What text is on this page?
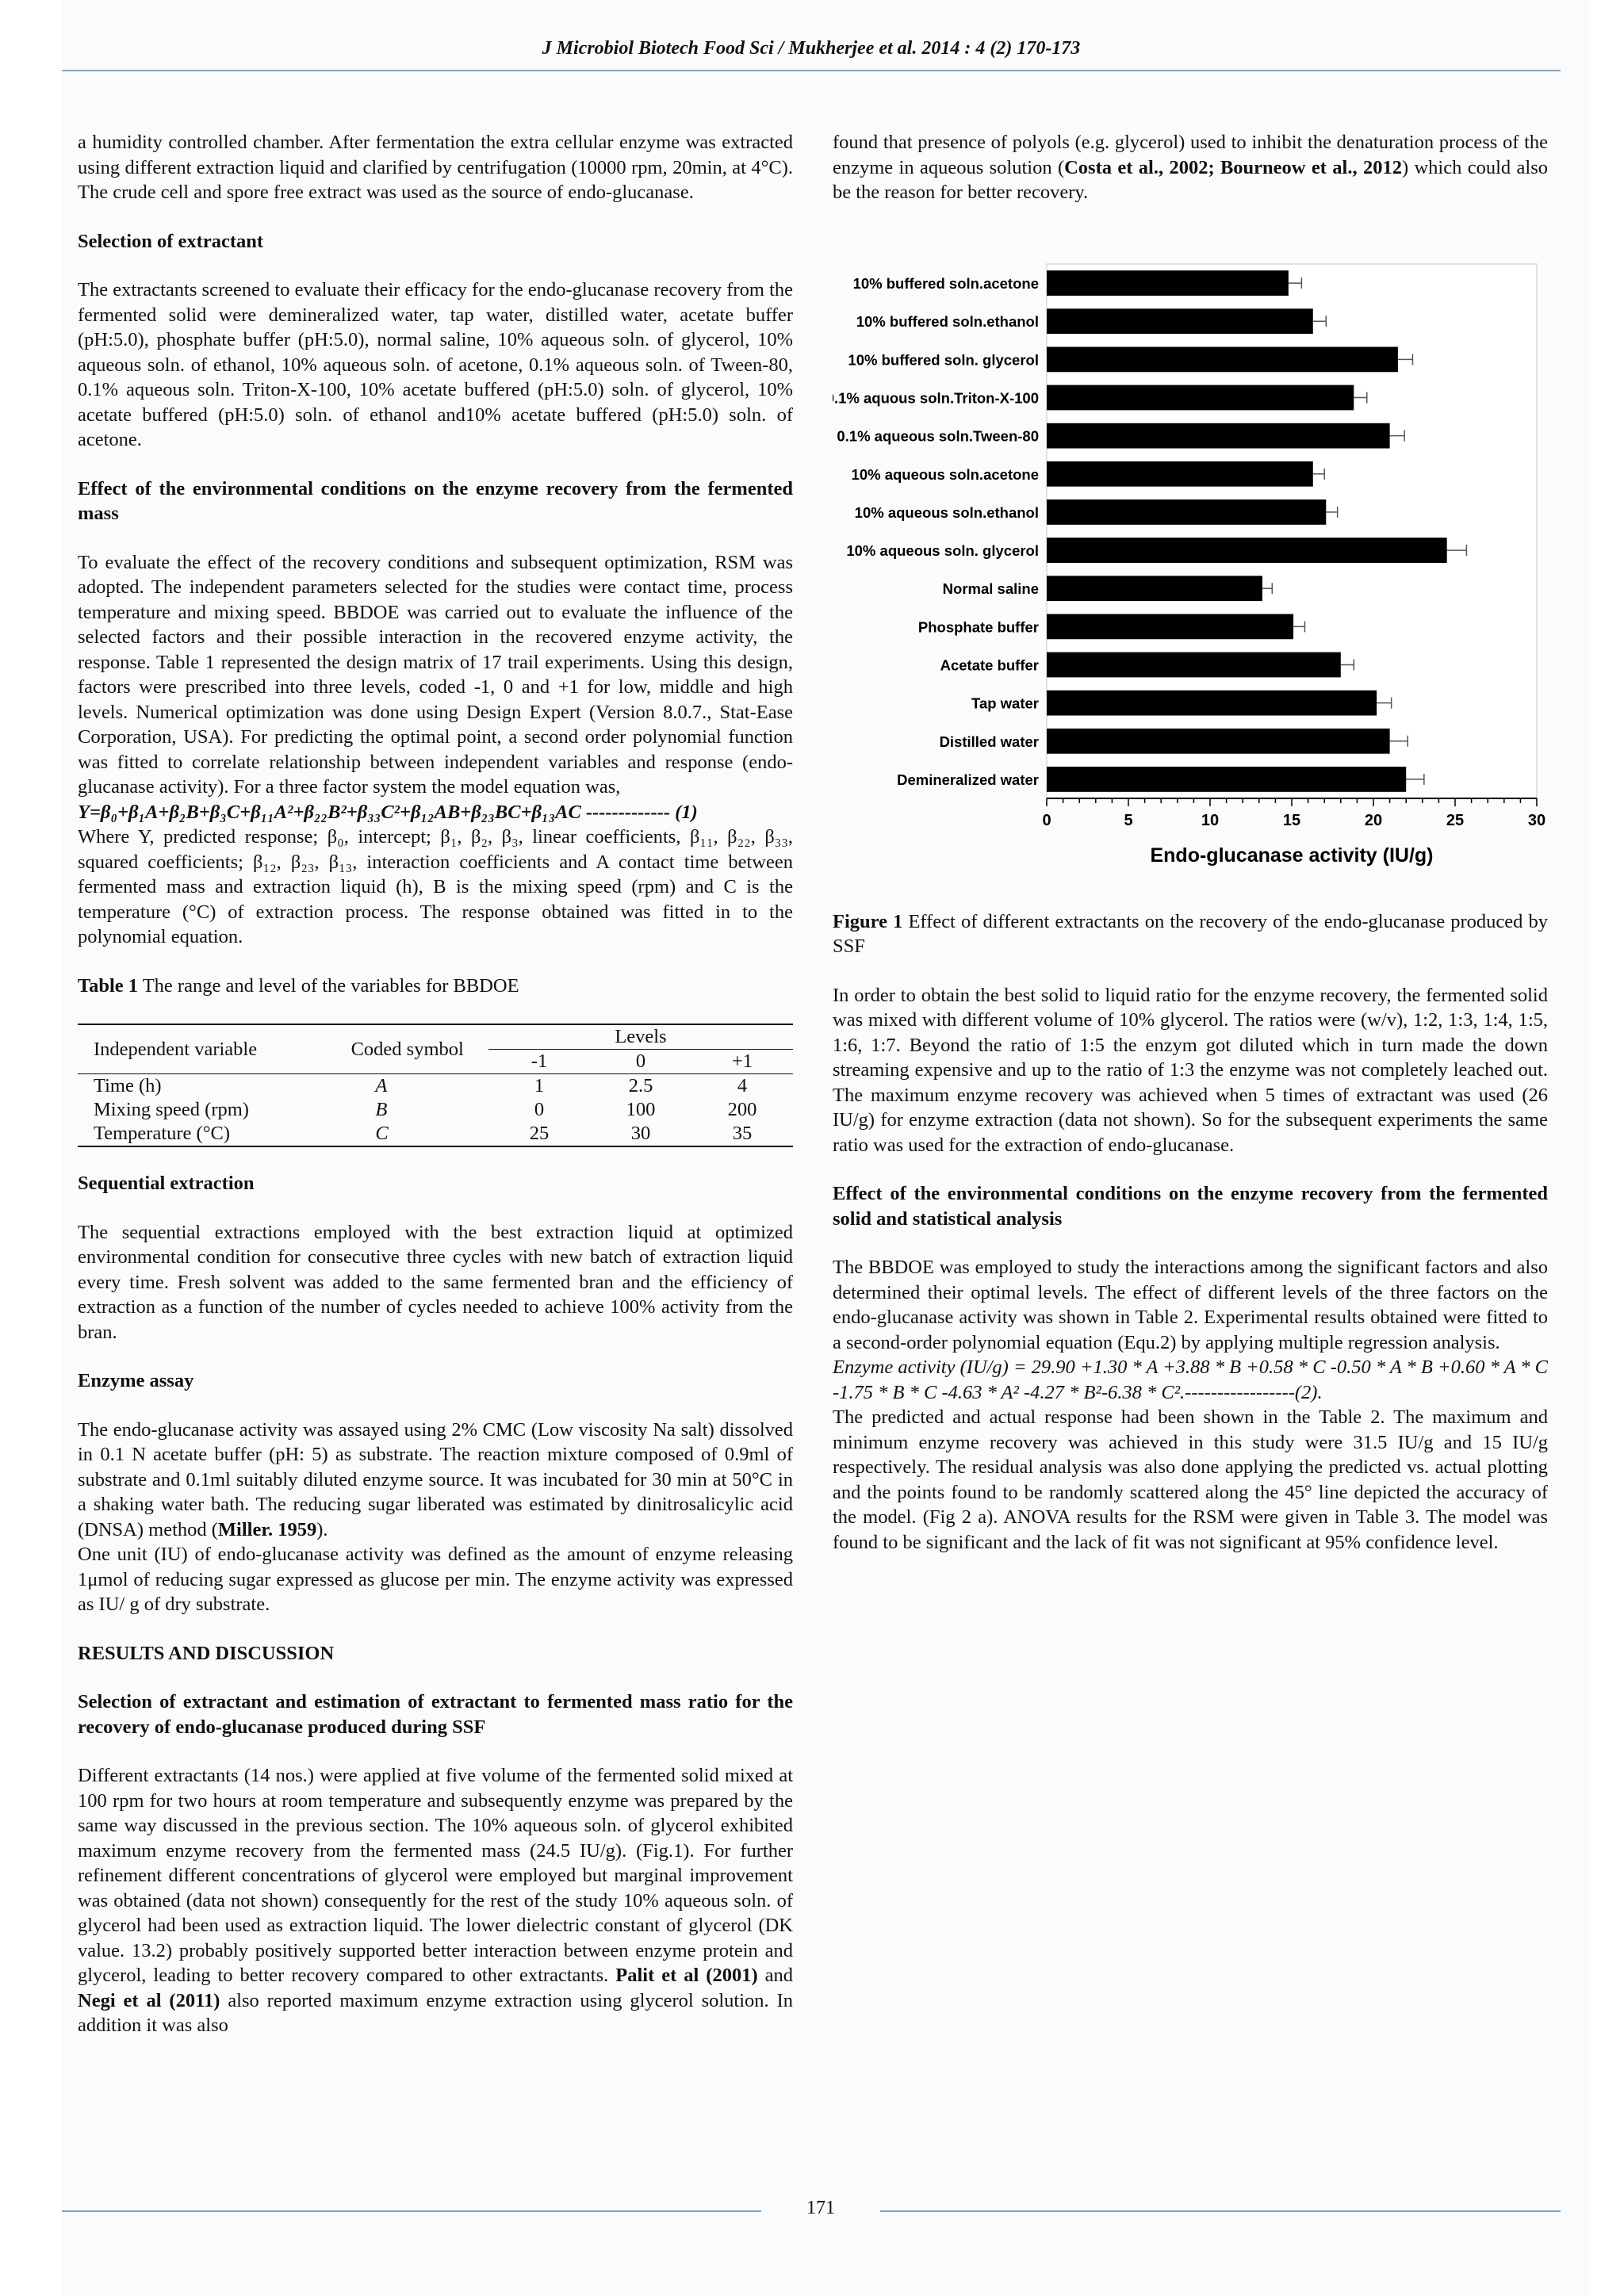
J Microbiol Biotech Food Sci / Mukherjee et al. 2014 : 4 (2) 170-173

a humidity controlled chamber. After fermentation the extra cellular enzyme was extracted using different extraction liquid and clarified by centrifugation (10000 rpm, 20min, at 4°C). The crude cell and spore free extract was used as the source of endo-glucanase.

Selection of extractant

The extractants screened to evaluate their efficacy for the endo-glucanase recovery from the fermented solid were demineralized water, tap water, distilled water, acetate buffer (pH:5.0), phosphate buffer (pH:5.0), normal saline, 10% aqueous soln. of glycerol, 10% aqueous soln. of ethanol, 10% aqueous soln. of acetone, 0.1% aqueous soln. of Tween-80, 0.1% aqueous soln. Triton-X-100, 10% acetate buffered (pH:5.0) soln. of glycerol, 10% acetate buffered (pH:5.0) soln. of ethanol and10% acetate buffered (pH:5.0) soln. of acetone.

Effect of the environmental conditions on the enzyme recovery from the fermented mass

To evaluate the effect of the recovery conditions and subsequent optimization, RSM was adopted. The independent parameters selected for the studies were contact time, process temperature and mixing speed. BBDOE was carried out to evaluate the influence of the selected factors and their possible interaction in the recovered enzyme activity, the response. Table 1 represented the design matrix of 17 trail experiments. Using this design, factors were prescribed into three levels, coded -1, 0 and +1 for low, middle and high levels. Numerical optimization was done using Design Expert (Version 8.0.7., Stat-Ease Corporation, USA). For predicting the optimal point, a second order polynomial function was fitted to correlate relationship between independent variables and response (endo-glucanase activity). For a three factor system the model equation was,

Y=β₀+β₁A+β₂B+β₃C+β₁₁A²+β₂₂B²+β₃₃C²+β₁₂AB+β₂₃BC+β₁₃AC ------------- (1)

Where Y, predicted response; β₀, intercept; β₁, β₂, β₃, linear coefficients, β₁₁, β₂₂, β₃₃, squared coefficients; β₁₂, β₂₃, β₁₃, interaction coefficients and A contact time between fermented mass and extraction liquid (h), B is the mixing speed (rpm) and C is the temperature (°C) of extraction process. The response obtained was fitted in to the polynomial equation.

Table 1 The range and level of the variables for BBDOE

Independent variable	Coded symbol	Levels		
		-1	0	+1
Time (h)	A	1	2.5	4
Mixing speed (rpm)	B	0	100	200
Temperature (°C)	C	25	30	35

Sequential extraction

The sequential extractions employed with the best extraction liquid at optimized environmental condition for consecutive three cycles with new batch of extraction liquid every time. Fresh solvent was added to the same fermented bran and the efficiency of extraction as a function of the number of cycles needed to achieve 100% activity from the bran.

Enzyme assay

The endo-glucanase activity was assayed using 2% CMC (Low viscosity Na salt) dissolved in 0.1 N acetate buffer (pH: 5) as substrate. The reaction mixture composed of 0.9ml of substrate and 0.1ml suitably diluted enzyme source. It was incubated for 30 min at 50°C in a shaking water bath. The reducing sugar liberated was estimated by dinitrosalicylic acid (DNSA) method (Miller. 1959).

One unit (IU) of endo-glucanase activity was defined as the amount of enzyme releasing 1μmol of reducing sugar expressed as glucose per min. The enzyme activity was expressed as IU/ g of dry substrate.

RESULTS AND DISCUSSION

Selection of extractant and estimation of extractant to fermented mass ratio for the recovery of endo-glucanase produced during SSF

Different extractants (14 nos.) were applied at five volume of the fermented solid mixed at 100 rpm for two hours at room temperature and subsequently enzyme was prepared by the same way discussed in the previous section. The 10% aqueous soln. of glycerol exhibited maximum enzyme recovery from the fermented mass (24.5 IU/g). (Fig.1). For further refinement different concentrations of glycerol were employed but marginal improvement was obtained (data not shown) consequently for the rest of the study 10% aqueous soln. of glycerol had been used as extraction liquid. The lower dielectric constant of glycerol (DK value. 13.2) probably positively supported better interaction between enzyme protein and glycerol, leading to better recovery compared to other extractants. Palit et al (2001) and Negi et al (2011) also reported maximum enzyme extraction using glycerol solution. In addition it was also

found that presence of polyols (e.g. glycerol) used to inhibit the denaturation process of the enzyme in aqueous solution (Costa et al., 2002; Bourneow et al., 2012) which could also be the reason for better recovery.

10% buffered soln.acetone
10% buffered soln.ethanol
10% buffered soln. glycerol
0.1% aquous soln.Triton-X-100
0.1% aqueous soln.Tween-80
10% aqueous soln.acetone
10% aqueous soln.ethanol
10% aqueous soln. glycerol
Normal saline
Phosphate buffer
Acetate buffer
Tap water
Distilled water
Demineralized water
0	5	10	15	20	25	30
Endo-glucanase activity (IU/g)

Figure 1 Effect of different extractants on the recovery of the endo-glucanase produced by SSF

In order to obtain the best solid to liquid ratio for the enzyme recovery, the fermented solid was mixed with different volume of 10% glycerol. The ratios were (w/v), 1:2, 1:3, 1:4, 1:5, 1:6, 1:7. Beyond the ratio of 1:5 the enzym got diluted which in turn made the down streaming expensive and up to the ratio of 1:3 the enzyme was not completely leached out. The maximum enzyme recovery was achieved when 5 times of extractant was used (26 IU/g) for enzyme extraction (data not shown). So for the subsequent experiments the same ratio was used for the extraction of endo-glucanase.

Effect of the environmental conditions on the enzyme recovery from the fermented solid and statistical analysis

The BBDOE was employed to study the interactions among the significant factors and also determined their optimal levels. The effect of different levels of the three factors on the endo-glucanase activity was shown in Table 2. Experimental results obtained were fitted to a second-order polynomial equation (Equ.2) by applying multiple regression analysis.

Enzyme activity (IU/g) = 29.90 +1.30 * A +3.88 * B +0.58 * C -0.50 * A * B +0.60 * A * C -1.75 * B * C -4.63 * A² -4.27 * B²-6.38 * C².-----------------(2).

The predicted and actual response had been shown in the Table 2. The maximum and minimum enzyme recovery was achieved in this study were 31.5 IU/g and 15 IU/g respectively. The residual analysis was also done applying the predicted vs. actual plotting and the points found to be randomly scattered along the 45° line depicted the accuracy of the model. (Fig 2 a). ANOVA results for the RSM were given in Table 3. The model was found to be significant and the lack of fit was not significant at 95% confidence level.

171
